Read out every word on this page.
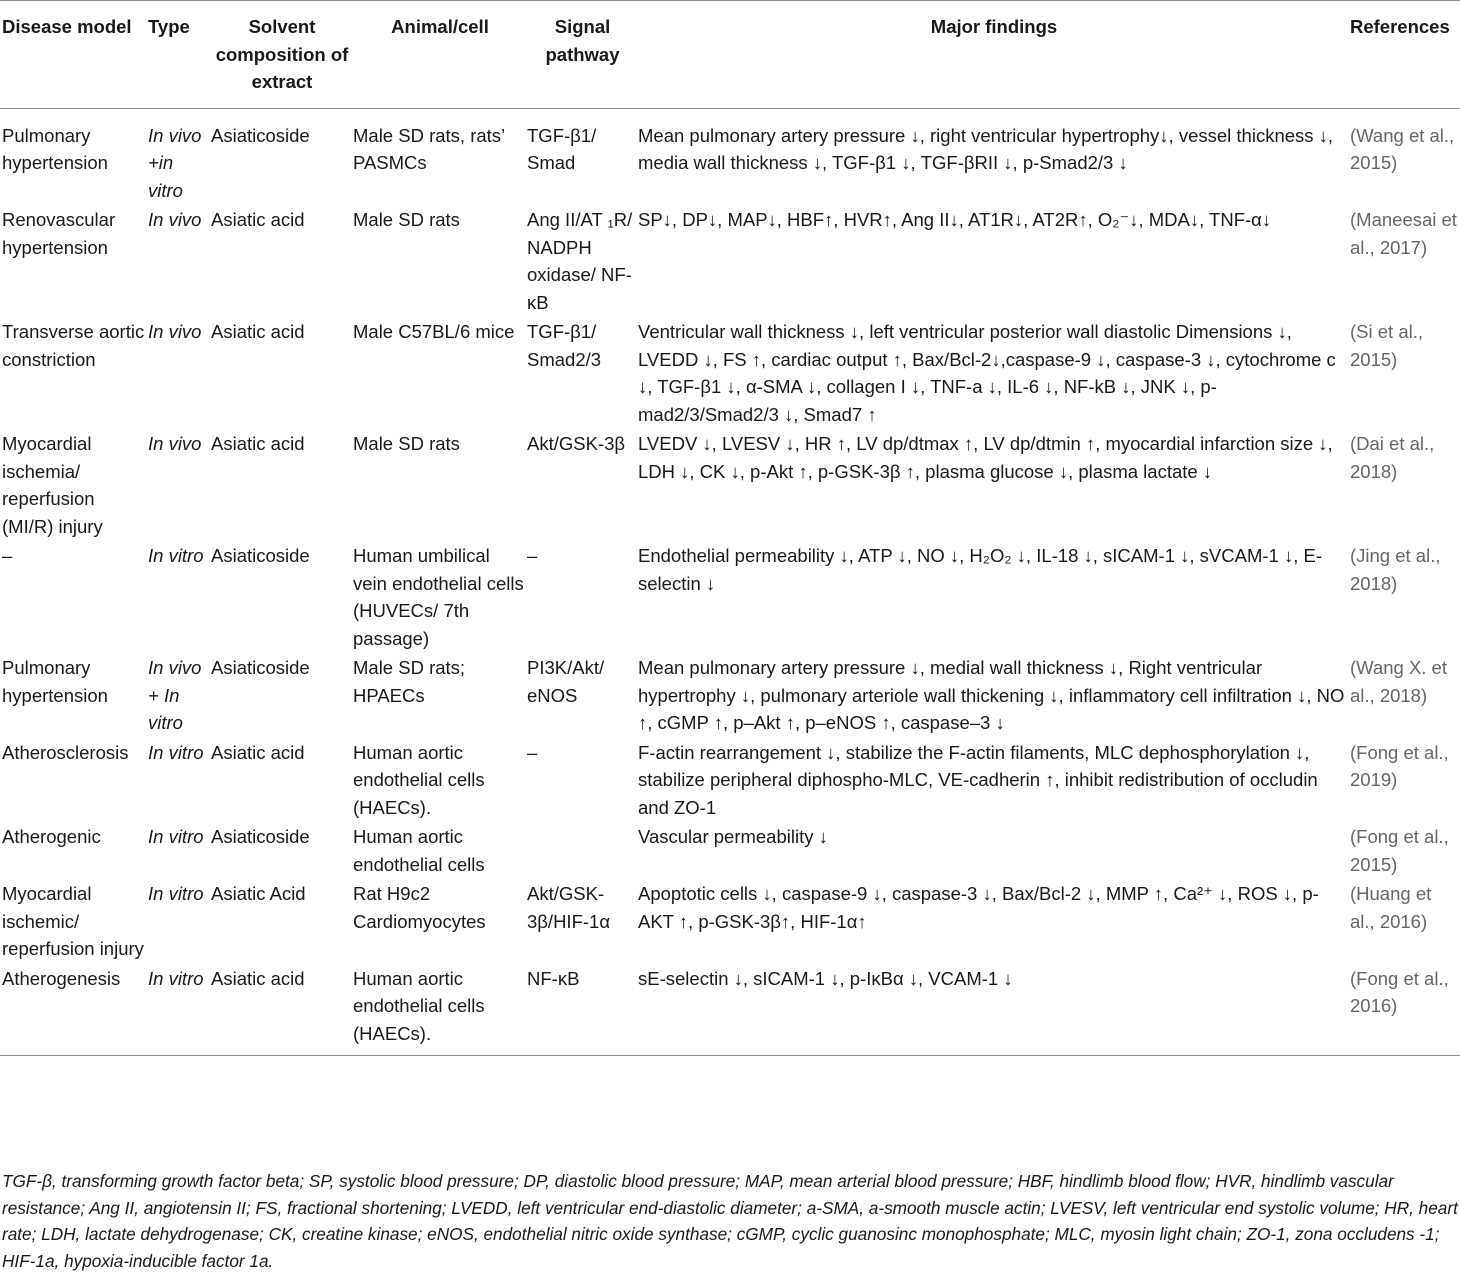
Disease model	Type	Solvent composition of extract	Animal/cell	Signal pathway	Major findings	References
Pulmonary hypertension	In vivo +in vitro	Asiaticoside	Male SD rats, rats’ PASMCs	TGF-β1/ Smad	Mean pulmonary artery pressure ↓, right ventricular hypertrophy↓, vessel thickness ↓, media wall thickness ↓, TGF-β1 ↓, TGF-βRII ↓, p-Smad2/3 ↓	(Wang et al., 2015)
Renovascular hypertension	In vivo	Asiatic acid	Male SD rats	Ang II/AT ₁R/ NADPH oxidase/ NF-κB	SP↓, DP↓, MAP↓, HBF↑, HVR↑, Ang II↓, AT1R↓, AT2R↑, O₂⁻↓, MDA↓, TNF-α↓	(Maneesai et al., 2017)
Transverse aortic constriction	In vivo	Asiatic acid	Male C57BL/6 mice	TGF-β1/ Smad2/3	Ventricular wall thickness ↓, left ventricular posterior wall diastolic Dimensions ↓, LVEDD ↓, FS ↑, cardiac output ↑, Bax/Bcl-2↓,caspase-9 ↓, caspase-3 ↓, cytochrome c ↓, TGF-β1 ↓, α-SMA ↓, collagen I ↓, TNF-a ↓, IL-6 ↓, NF-kB ↓, JNK ↓, p-mad2/3/Smad2/3 ↓, Smad7 ↑	(Si et al., 2015)
Myocardial ischemia/ reperfusion (MI/R) injury	In vivo	Asiatic acid	Male SD rats	Akt/GSK-3β	LVEDV ↓, LVESV ↓, HR ↑, LV dp/dtmax ↑, LV dp/dtmin ↑, myocardial infarction size ↓, LDH ↓, CK ↓, p-Akt ↑, p-GSK-3β ↑, plasma glucose ↓, plasma lactate ↓	(Dai et al., 2018)
–	In vitro	Asiaticoside	Human umbilical vein endothelial cells (HUVECs/ 7th passage)	–	Endothelial permeability ↓, ATP ↓, NO ↓, H₂O₂ ↓, IL-18 ↓, sICAM-1 ↓, sVCAM-1 ↓, E-selectin ↓	(Jing et al., 2018)
Pulmonary hypertension	In vivo + In vitro	Asiaticoside	Male SD rats; HPAECs	PI3K/Akt/ eNOS	Mean pulmonary artery pressure ↓, medial wall thickness ↓, Right ventricular hypertrophy ↓, pulmonary arteriole wall thickening ↓, inflammatory cell infiltration ↓, NO ↑, cGMP ↑, p–Akt ↑, p–eNOS ↑, caspase–3 ↓	(Wang X. et al., 2018)
Atherosclerosis	In vitro	Asiatic acid	Human aortic endothelial cells (HAECs).	–	F-actin rearrangement ↓, stabilize the F-actin filaments, MLC dephosphorylation ↓, stabilize peripheral diphospho-MLC, VE-cadherin ↑, inhibit redistribution of occludin and ZO-1	(Fong et al., 2019)
Atherogenic	In vitro	Asiaticoside	Human aortic endothelial cells		Vascular permeability ↓	(Fong et al., 2015)
Myocardial ischemic/ reperfusion injury	In vitro	Asiatic Acid	Rat H9c2 Cardiomyocytes	Akt/GSK-3β/HIF-1α	Apoptotic cells ↓, caspase-9 ↓, caspase-3 ↓, Bax/Bcl-2 ↓, MMP ↑, Ca²⁺ ↓, ROS ↓, p-AKT ↑, p-GSK-3β↑, HIF-1α↑	(Huang et al., 2016)
Atherogenesis	In vitro	Asiatic acid	Human aortic endothelial cells (HAECs).	NF-κB	sE-selectin ↓, sICAM-1 ↓, p-IκBα ↓, VCAM-1 ↓	(Fong et al., 2016)

TGF-β, transforming growth factor beta; SP, systolic blood pressure; DP, diastolic blood pressure; MAP, mean arterial blood pressure; HBF, hindlimb blood flow; HVR, hindlimb vascular resistance; Ang II, angiotensin II; FS, fractional shortening; LVEDD, left ventricular end-diastolic diameter; a-SMA, a-smooth muscle actin; LVESV, left ventricular end systolic volume; HR, heart rate; LDH, lactate dehydrogenase; CK, creatine kinase; eNOS, endothelial nitric oxide synthase; cGMP, cyclic guanosinc monophosphate; MLC, myosin light chain; ZO-1, zona occludens -1; HIF-1a, hypoxia-inducible factor 1a.
